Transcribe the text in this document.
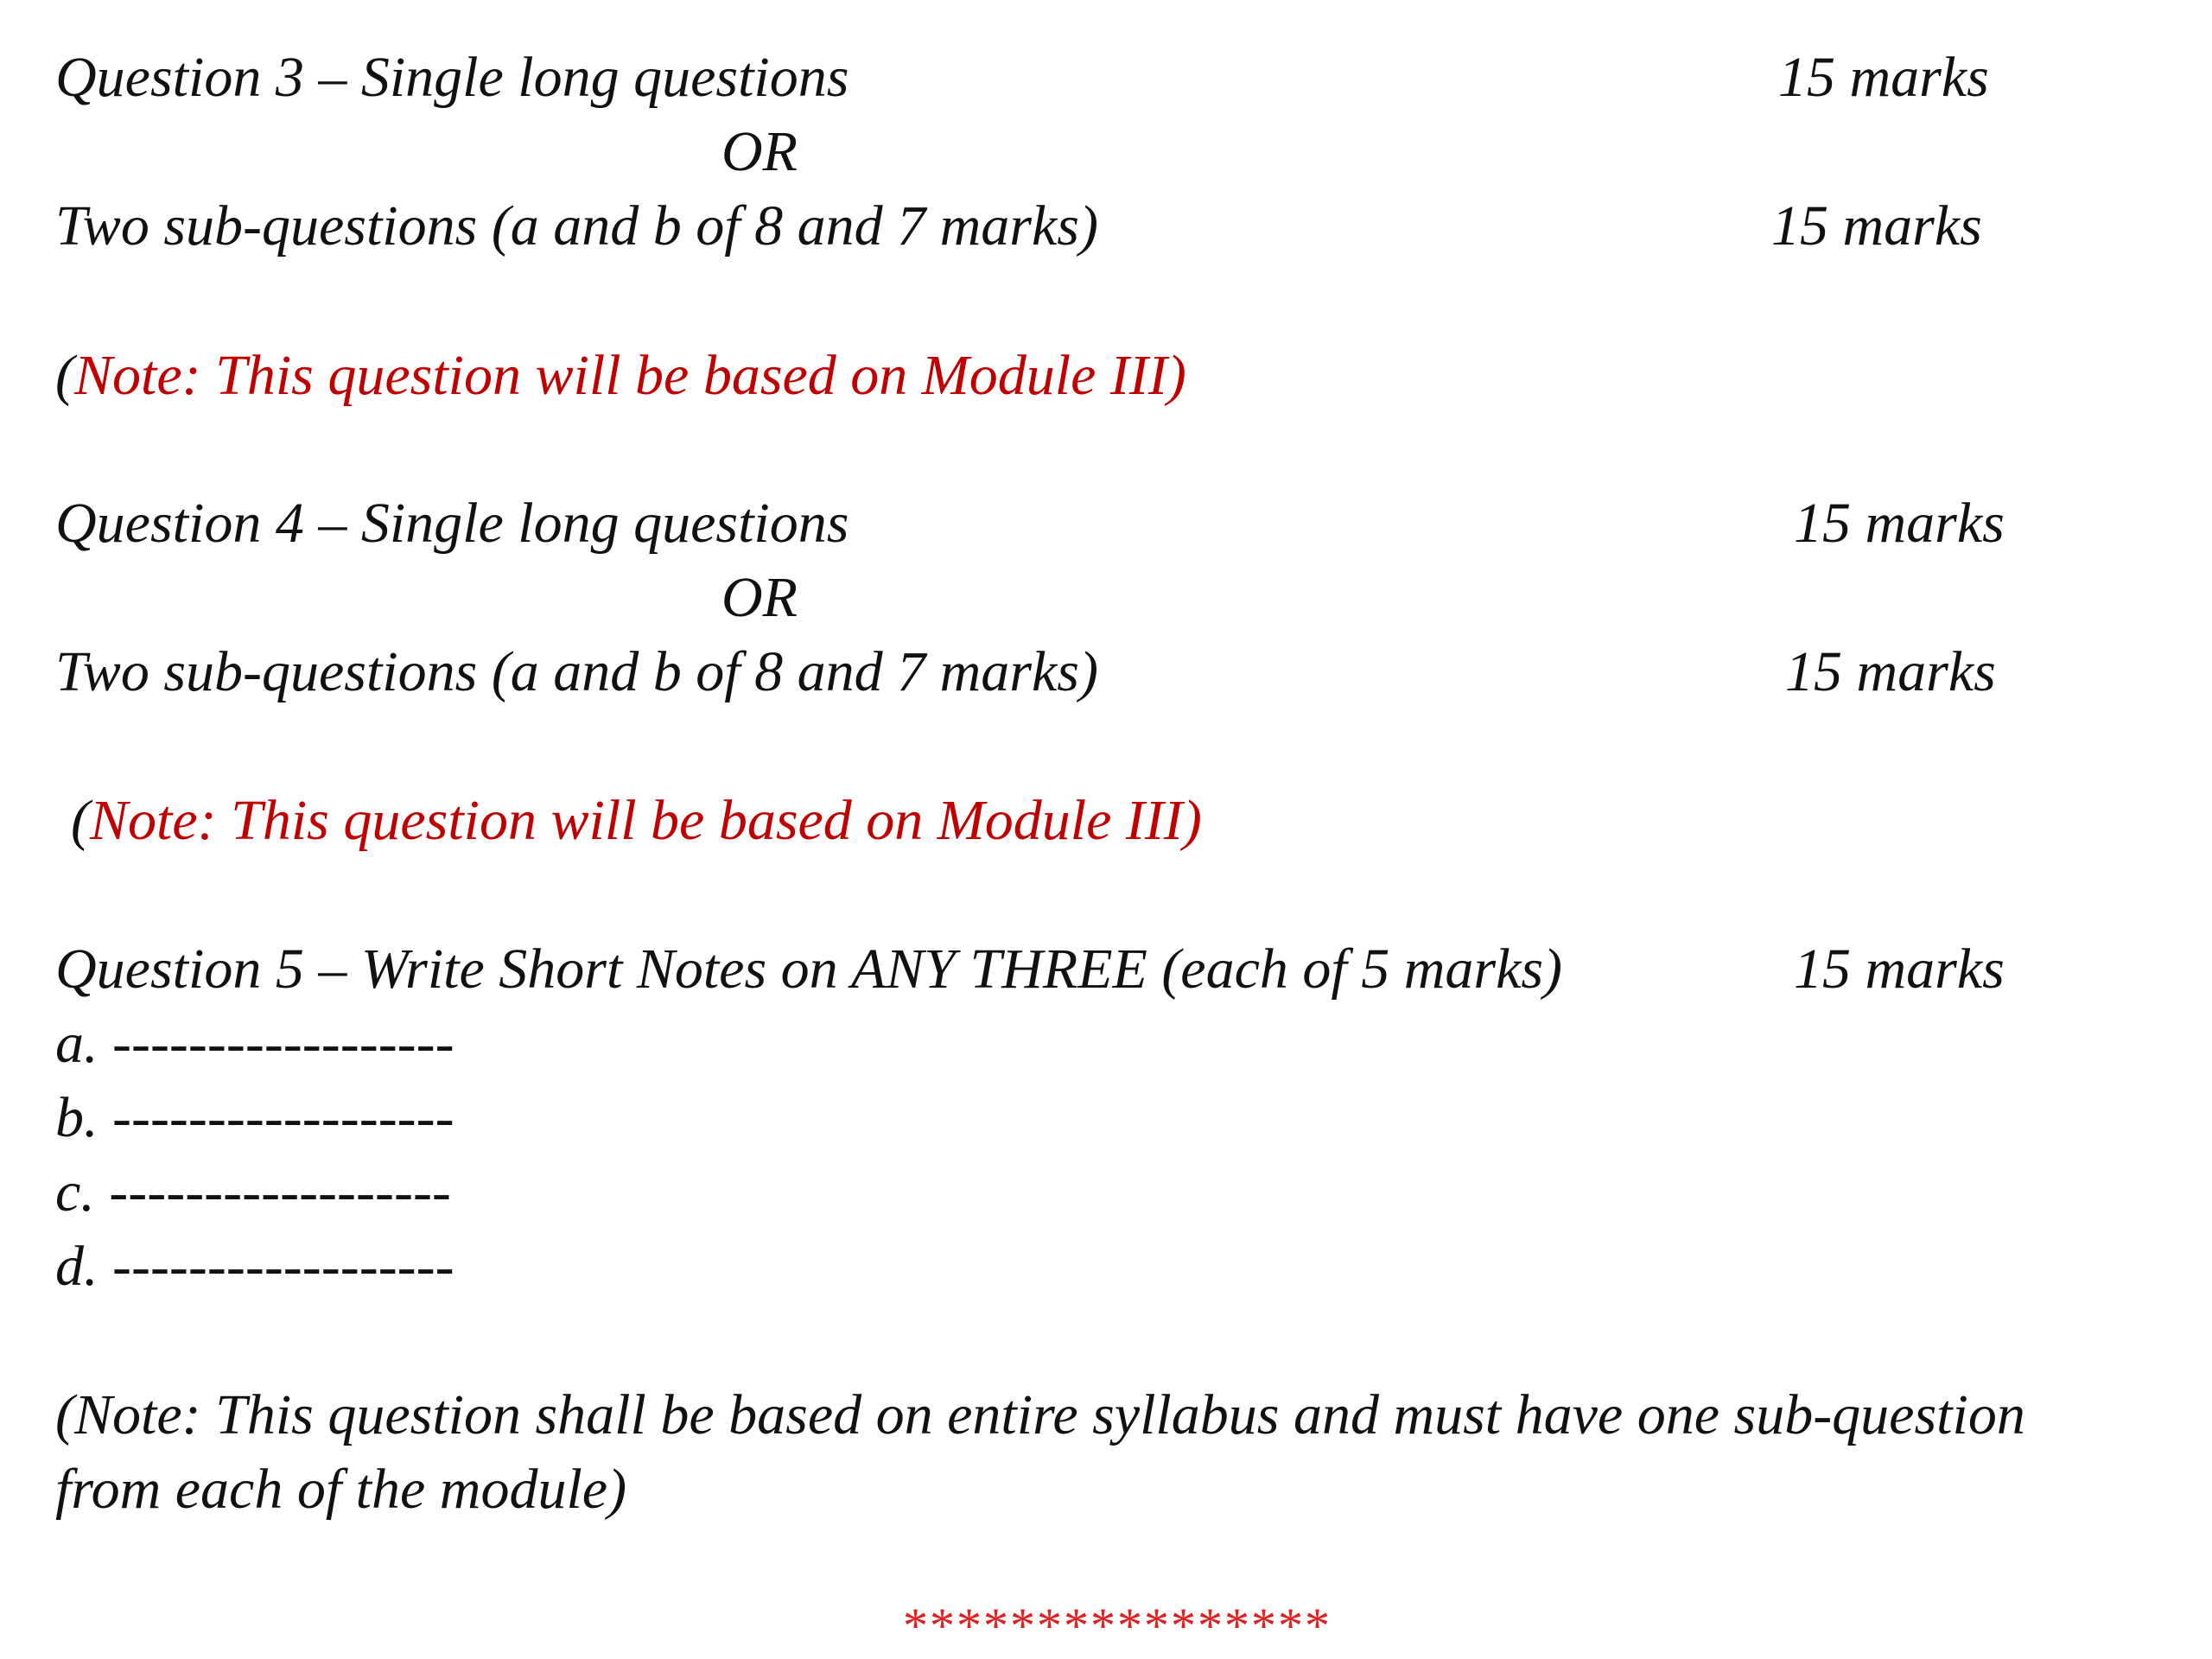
Question 3 – Single long questions	15 marks
OR
Two sub-questions (a and b of 8 and 7 marks)	15 marks
(Note: This question will be based on Module III)
Question 4 – Single long questions	15 marks
OR
Two sub-questions (a and b of 8 and 7 marks)	15 marks
(Note: This question will be based on Module III)
Question 5 – Write Short Notes on ANY THREE (each of 5 marks)	15 marks
a. ------------------
b. ------------------
c. ------------------
d. ------------------
(Note: This question shall be based on entire syllabus and must have one sub-question
from each of the module)
****************
